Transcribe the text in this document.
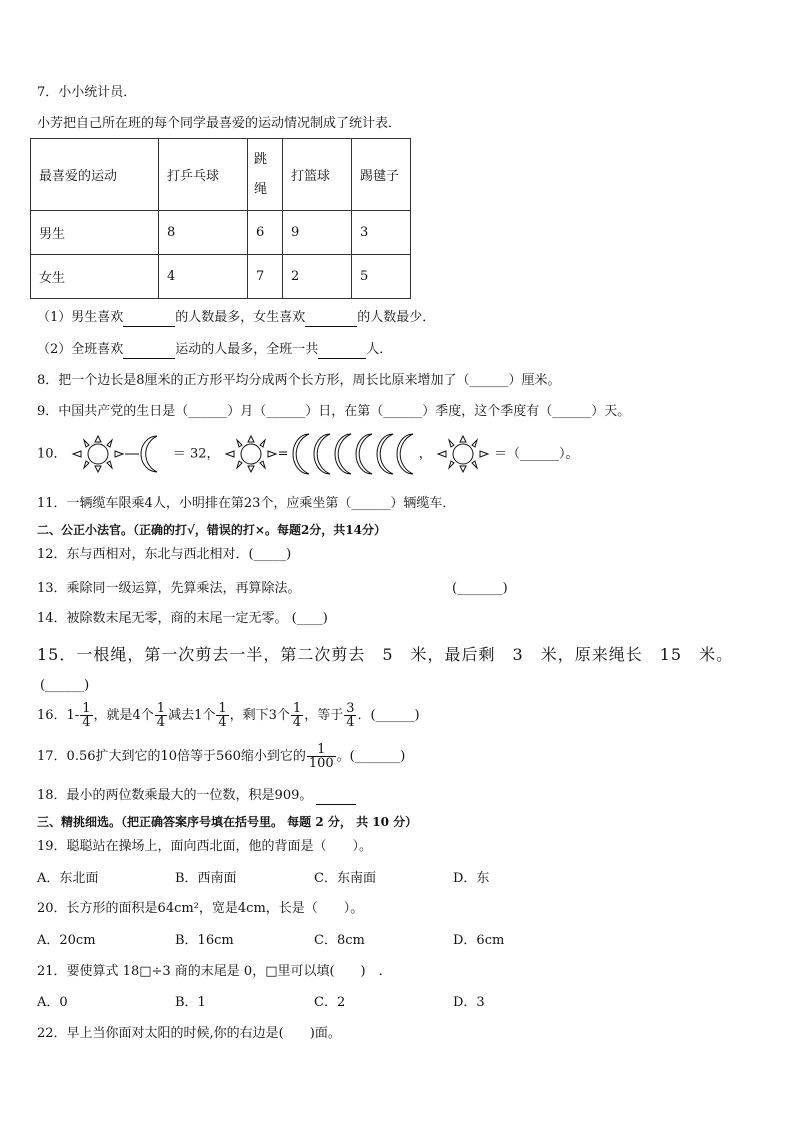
7．小小统计员．
小芳把自己所在班的每个同学最喜爱的运动情况制成了统计表．
最喜爱的运动	打乒乓球	跳绳	打篮球	踢毽子
男生	8	6	9	3
女生	4	7	2	5
（1）男生喜欢	的人数最多，女生喜欢	的人数最少．
（2）全班喜欢	运动的人最多，全班一共	人．
8．把一个边长是8厘米的正方形平均分成两个长方形，周长比原来增加了（______）厘米。
9．中国共产党的生日是（______）月（______）日，在第（______）季度，这个季度有（______）天。
10．	＝ 32，	=	，	＝（______）。
11．一辆缆车限乘4人，小明排在第23个，应乘坐第（______）辆缆车．
二、公正小法官。（正确的打√，错误的打×。每题2分，共14分）
12．东与西相对，东北与西北相对．(_____)
13．乘除同一级运算，先算乘法，再算除法。	(_______)
14．被除数末尾无零，商的末尾一定无零。 (____)
15．一根绳，第一次剪去一半，第二次剪去　5　米，最后剩　3　米，原来绳长　15　米。
(______)
16．$1- \frac{1}{4}$ ，就是4个 $\frac{1}{4}$ 减去1个 $\frac{1}{4}$ ，剩下3个 $\frac{1}{4}$ ，等于 $\frac{3}{4}$ ．(______)
17．0.56扩大到它的10倍等于560缩小到它的 $\frac{1}{100}$ 。(_______)
18．最小的两位数乘最大的一位数，积是909。
三、精挑细选。（把正确答案序号填在括号里。 每题 2 分， 共 10 分）
19．聪聪站在操场上，面向西北面，他的背面是（　　）。
A．东北面	B．西南面	C．东南面	D．东
20．长方形的面积是64cm²，宽是4cm，长是（　　）。
A．20cm	B．16cm	C．8cm	D．6cm
21．要使算式 18□÷3 商的末尾是 0，□里可以填(　　)　．
A．0	B．1	C．2	D．3
22．早上当你面对太阳的时候,你的右边是(　　)面。
